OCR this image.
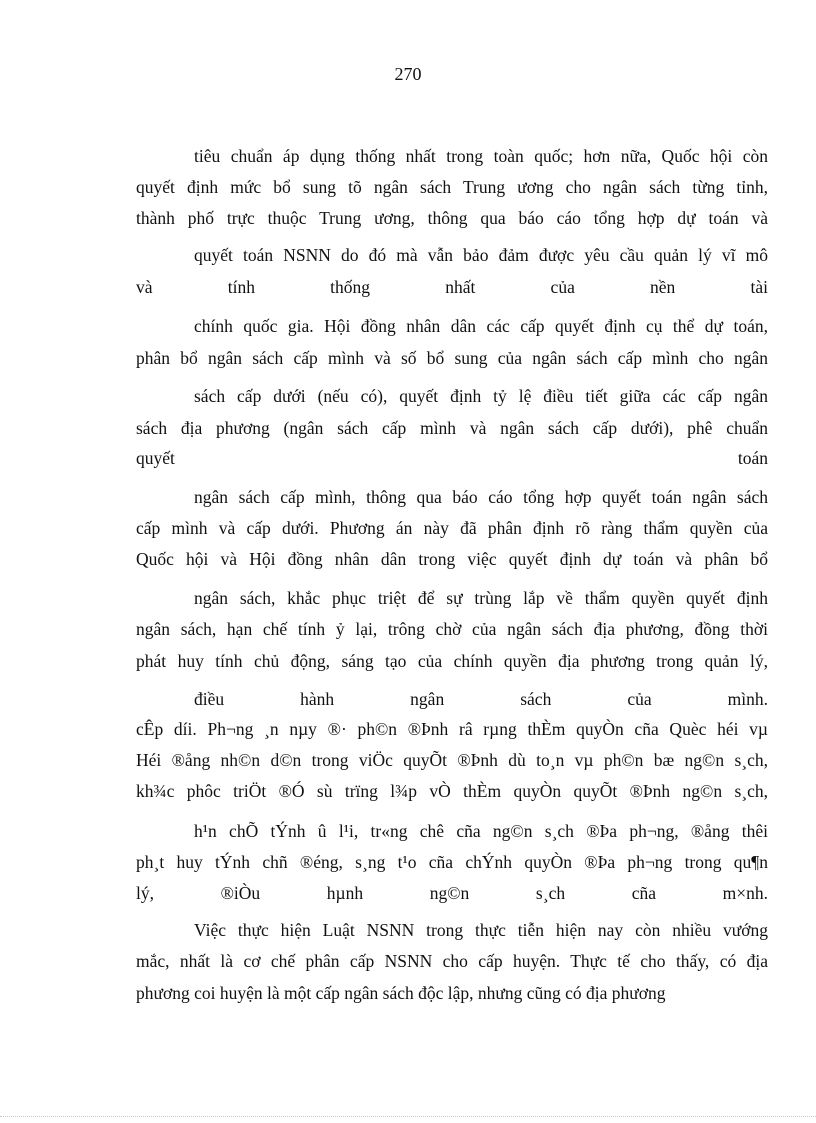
270
tiêu chuẩn áp dụng thống nhất trong toàn quốc; hơn nữa, Quốc hội còn
quyết định mức bổ sung tõ ngân sách Trung ương cho ngân sách từng tỉnh,
thành phố trực thuộc Trung ương, thông qua báo cáo tổng hợp dự toán và
quyết toán NSNN do đó mà vẫn bảo đảm được yêu cầu quản lý vĩ mô
và tính thống nhất của nền tài
chính quốc gia. Hội đồng nhân dân các cấp quyết định cụ thể dự toán,
phân bổ ngân sách cấp mình và số bổ sung của ngân sách cấp mình cho ngân
sách cấp dưới (nếu có), quyết định tỷ lệ điều tiết giữa các cấp ngân
sách địa phương (ngân sách cấp mình và ngân sách cấp dưới), phê chuẩn
quyết toán
ngân sách cấp mình, thông qua báo cáo tổng hợp quyết toán ngân sách
cấp mình và cấp dưới. Phương án này đã phân định rõ ràng thẩm quyền của
Quốc hội và Hội đồng nhân dân trong việc quyết định dự toán và phân bổ
ngân sách, khắc phục triệt để sự trùng lắp về thẩm quyền quyết định
ngân sách, hạn chế tính ỷ lại, trông chờ của ngân sách địa phương, đồng thời
phát huy tính chủ động, sáng tạo của chính quyền địa phương trong quản lý,
điều hành ngân sách của mình.
cÊp díi. Ph¬ng ¸n nµy ®· ph©n ®Þnh râ rµng thÈm quyÒn cña Quèc héi vµ
Héi ®ång nh©n d©n trong viÖc quyÕt ®Þnh dù to¸n vµ ph©n bæ ng©n s¸ch,
kh¾c phôc triÖt ®Ó sù trïng l¾p vÒ thÈm quyÒn quyÕt ®Þnh ng©n s¸ch,
h¹n chÕ tÝnh û l¹i, tr«ng chê cña ng©n s¸ch ®Þa ph¬ng, ®ång thêi
ph¸t huy tÝnh chñ ®éng, s¸ng t¹o cña chÝnh quyÒn ®Þa ph¬ng trong qu¶n
lý, ®iÒu hµnh ng©n s¸ch cña m×nh.
Việc thực hiện Luật NSNN trong thực tiễn hiện nay còn nhiều vướng
mắc, nhất là cơ chế phân cấp NSNN cho cấp huyện. Thực tế cho thấy, có địa
phương coi huyện là một cấp ngân sách độc lập, nhưng cũng có địa phương
